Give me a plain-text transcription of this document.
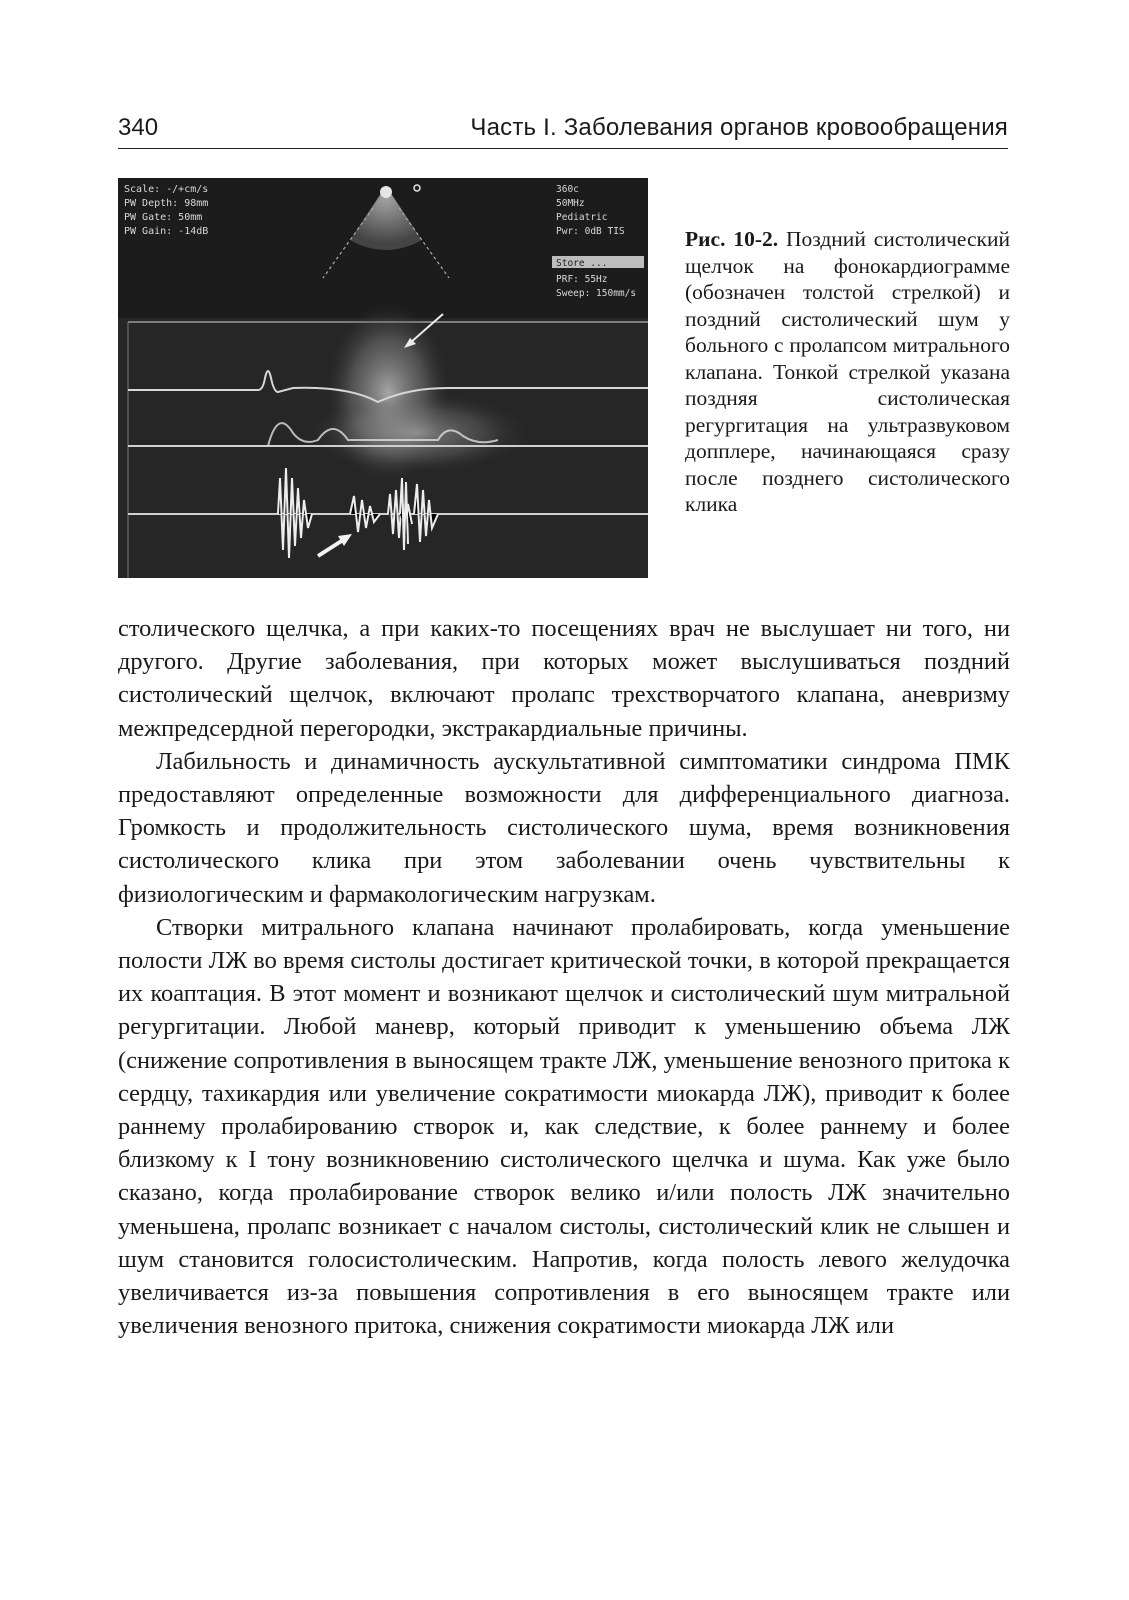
340	Часть I. Заболевания органов кровообращения
Scale: -/+cm/s
PW Depth: 98mm
PW Gate: 50mm
PW Gain: -14dB
360c
50MHz
Pediatric
Pwr: 0dB TIS
Store ...
PRF: 55Hz
Sweep: 150mm/s
Рис. 10-2. Поздний систолический щелчок на фонокардиограмме (обозначен толстой стрелкой) и поздний систолический шум у больного с пролапсом митрального клапана. Тонкой стрелкой указана поздняя систолическая регургитация на ультразвуковом допплере, начинающаяся сразу после позднего систолического клика

столического щелчка, а при каких-то посещениях врач не выслушает ни того, ни другого. Другие заболевания, при которых может выслушиваться поздний систолический щелчок, включают пролапс трехстворчатого клапана, аневризму межпредсердной перегородки, экстракардиальные причины.

Лабильность и динамичность аускультативной симптоматики синдрома ПМК предоставляют определенные возможности для дифференциального диагноза. Громкость и продолжительность систолического шума, время возникновения систолического клика при этом заболевании очень чувствительны к физиологическим и фармакологическим нагрузкам.

Створки митрального клапана начинают пролабировать, когда уменьшение полости ЛЖ во время систолы достигает критической точки, в которой прекращается их коаптация. В этот момент и возникают щелчок и систолический шум митральной регургитации. Любой маневр, который приводит к уменьшению объема ЛЖ (снижение сопротивления в выносящем тракте ЛЖ, уменьшение венозного притока к сердцу, тахикардия или увеличение сократимости миокарда ЛЖ), приводит к более раннему пролабированию створок и, как следствие, к более раннему и более близкому к I тону возникновению систолического щелчка и шума. Как уже было сказано, когда пролабирование створок велико и/или полость ЛЖ значительно уменьшена, пролапс возникает с началом систолы, систолический клик не слышен и шум становится голосистолическим. Напротив, когда полость левого желудочка увеличивается из-за повышения сопротивления в его выносящем тракте или увеличения венозного притока, снижения сократимости миокарда ЛЖ или
